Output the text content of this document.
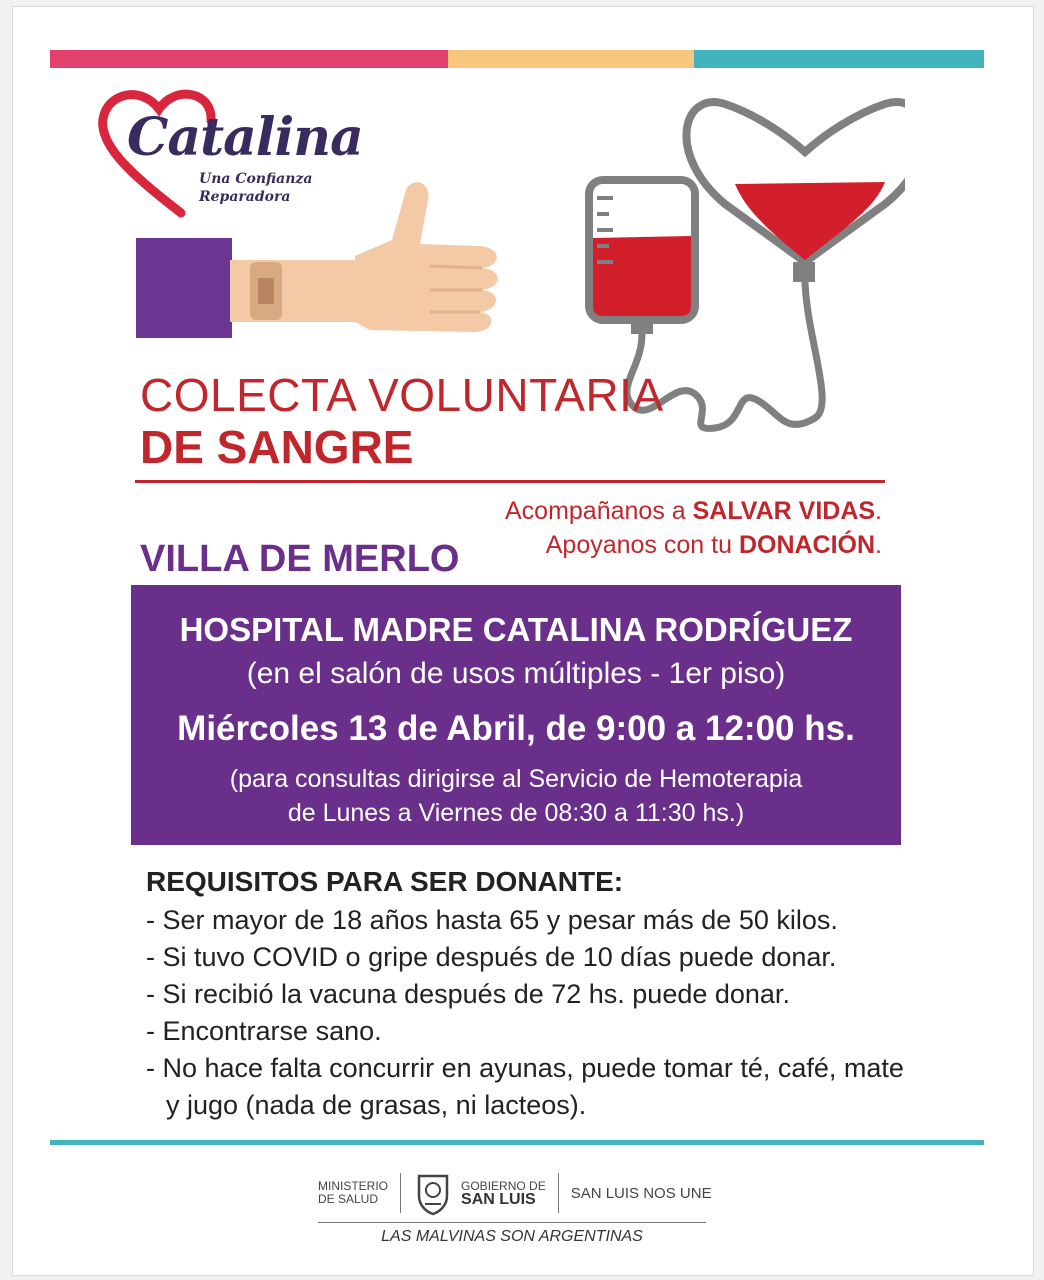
Catalina
Una Confianza
Reparadora
COLECTA VOLUNTARIA
DE SANGRE
Acompañanos a SALVAR VIDAS.
Apoyanos con tu DONACIÓN.
VILLA DE MERLO
HOSPITAL MADRE CATALINA RODRÍGUEZ
(en el salón de usos múltiples - 1er piso)
Miércoles 13 de Abril, de 9:00 a 12:00 hs.
(para consultas dirigirse al Servicio de Hemoterapia
de Lunes a Viernes de 08:30 a 11:30 hs.)
REQUISITOS PARA SER DONANTE:
- Ser mayor de 18 años hasta 65 y pesar más de 50 kilos.
- Si tuvo COVID o gripe después de 10 días puede donar.
- Si recibió la vacuna después de 72 hs. puede donar.
- Encontrarse sano.
- No hace falta concurrir en ayunas, puede tomar té, café, mate y jugo (nada de grasas, ni lacteos).
MINISTERIO
DE SALUD
GOBIERNO DE
SAN LUIS	SAN LUIS NOS UNE
LAS MALVINAS SON ARGENTINAS
